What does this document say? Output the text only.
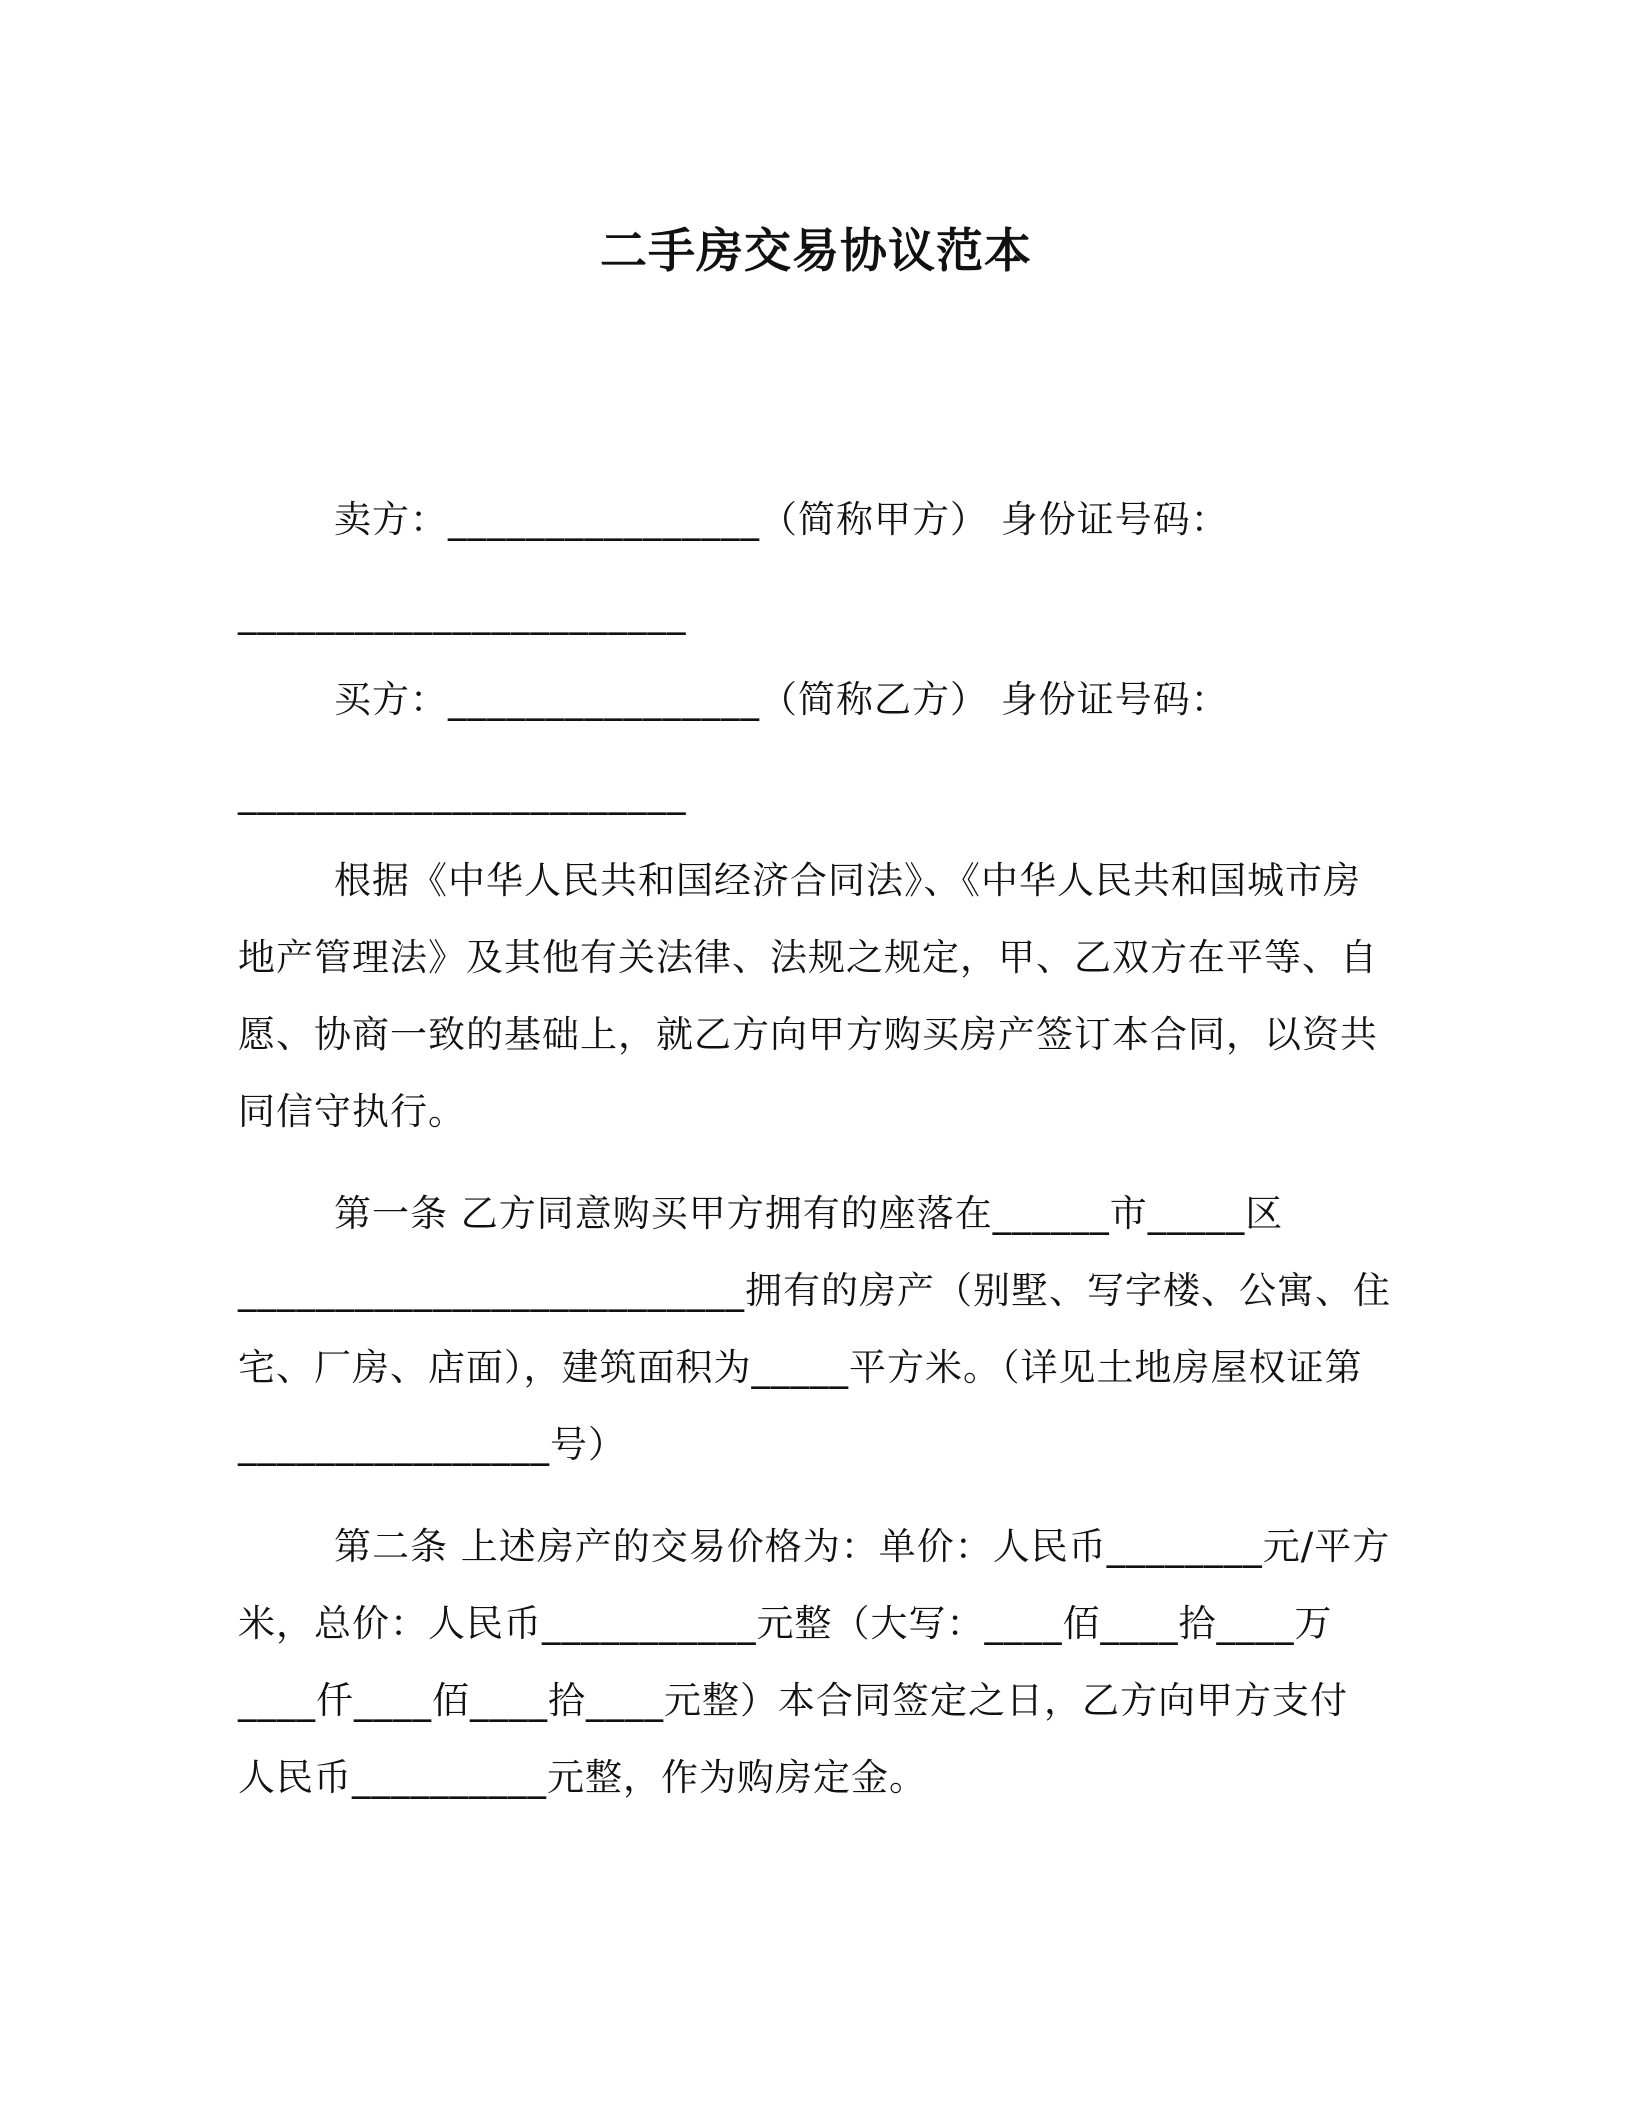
二手房交易协议范本

卖方：________________（简称甲方） 身份证号码：

_______________________

买方：________________（简称乙方） 身份证号码：

_______________________

根据《中华人民共和国经济合同法》、《中华人民共和国城市房

地产管理法》及其他有关法律、法规之规定，甲、乙双方在平等、自

愿、协商一致的基础上，就乙方向甲方购买房产签订本合同，以资共

同信守执行。

第一条 乙方同意购买甲方拥有的座落在______市_____区

__________________________拥有的房产（别墅、写字楼、公寓、住

宅、厂房、店面），建筑面积为_____平方米。（详见土地房屋权证第

________________号）

第二条 上述房产的交易价格为：单价：人民币________元/平方

米，总价：人民币___________元整（大写：____佰____拾____万

____仟____佰____拾____元整）本合同签定之日，乙方向甲方支付

人民币__________元整，作为购房定金。
